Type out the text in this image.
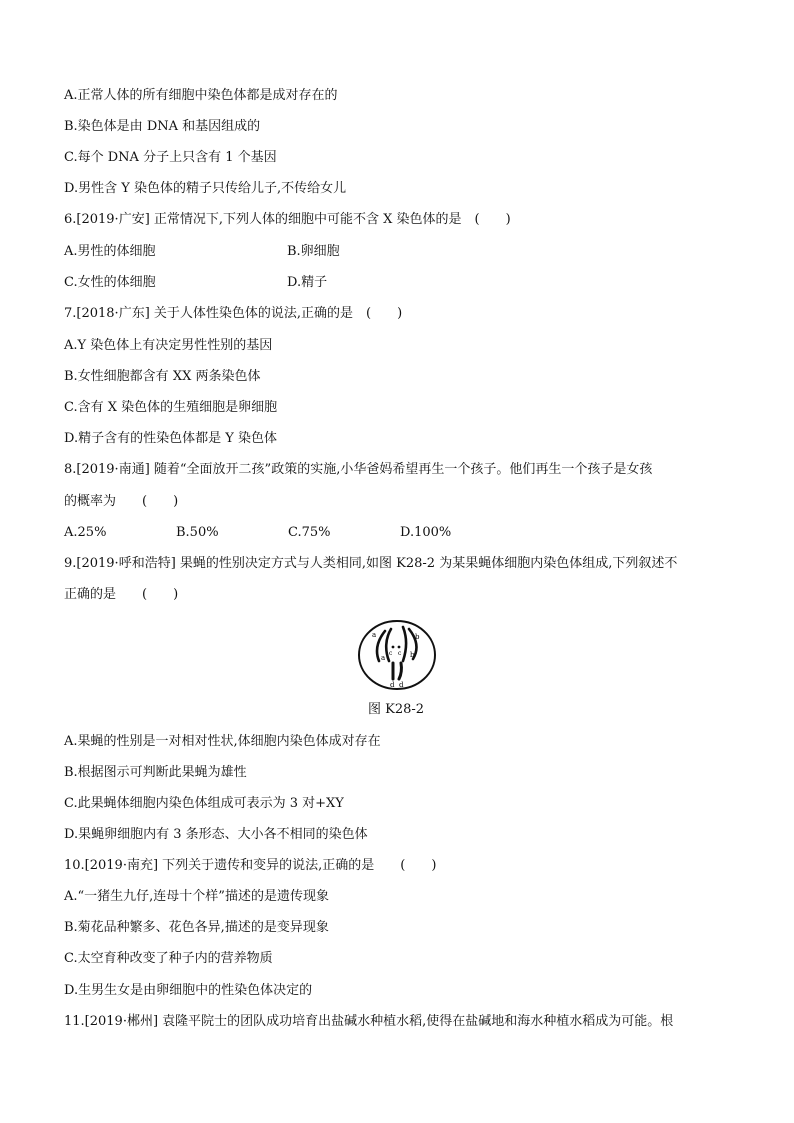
A.正常人体的所有细胞中染色体都是成对存在的
B.染色体是由 DNA 和基因组成的
C.每个 DNA 分子上只含有 1 个基因
D.男性含 Y 染色体的精子只传给儿子,不传给女儿
6.[2019·广安] 正常情况下,下列人体的细胞中可能不含 X 染色体的是　(　　)
A.男性的体细胞	B.卵细胞
C.女性的体细胞	D.精子
7.[2018·广东] 关于人体性染色体的说法,正确的是　(　　)
A.Y 染色体上有决定男性性别的基因
B.女性细胞都含有 XX 两条染色体
C.含有 X 染色体的生殖细胞是卵细胞
D.精子含有的性染色体都是 Y 染色体
8.[2019·南通] 随着“全面放开二孩”政策的实施,小华爸妈希望再生一个孩子。他们再生一个孩子是女孩
的概率为　　(　　)
A.25%	B.50%	C.75%	D.100%
9.[2019·呼和浩特] 果蝇的性别决定方式与人类相同,如图 K28-2 为某果蝇体细胞内染色体组成,下列叙述不
正确的是　　(　　)
a
a
b
b
c c
d d
图 K28-2
A.果蝇的性别是一对相对性状,体细胞内染色体成对存在
B.根据图示可判断此果蝇为雄性
C.此果蝇体细胞内染色体组成可表示为 3 对+XY
D.果蝇卵细胞内有 3 条形态、大小各不相同的染色体
10.[2019·南充] 下列关于遗传和变异的说法,正确的是　　(　　)
A.“一猪生九仔,连母十个样”描述的是遗传现象
B.菊花品种繁多、花色各异,描述的是变异现象
C.太空育种改变了种子内的营养物质
D.生男生女是由卵细胞中的性染色体决定的
11.[2019·郴州] 袁隆平院士的团队成功培育出盐碱水种植水稻,使得在盐碱地和海水种植水稻成为可能。根
